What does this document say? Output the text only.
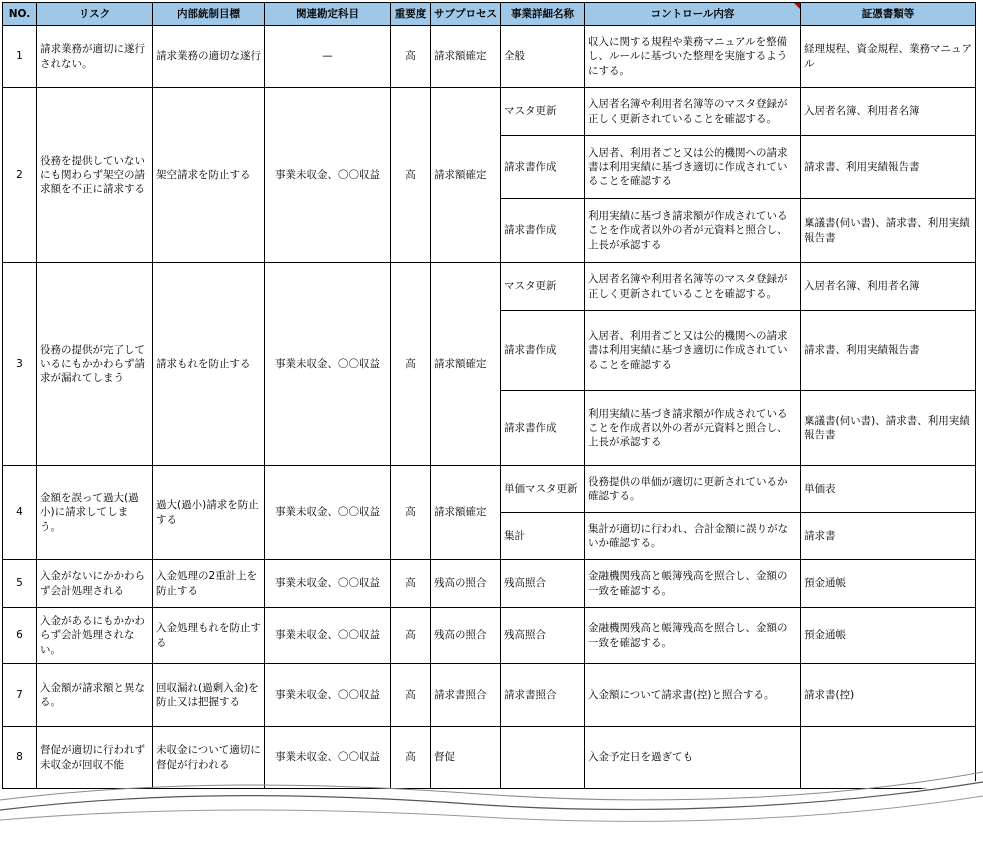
NO.	リスク	内部統制目標	関連勘定科目	重要度	サブプロセス	事業詳細名称	コントロール内容	証憑書類等
1	請求業務が適切に遂行されない。	請求業務の適切な遂行	—	高	請求額確定	全般	収入に関する規程や業務マニュアルを整備し、ルールに基づいた整理を実施するようにする。	経理規程、資金規程、業務マニュアル
2	役務を提供していないにも関わらず架空の請求額を不正に請求する	架空請求を防止する	事業未収金、〇〇収益	高	請求額確定	マスタ更新	入居者名簿や利用者名簿等のマスタ登録が正しく更新されていることを確認する。	入居者名簿、利用者名簿
						請求書作成	入居者、利用者ごと又は公的機関への請求書は利用実績に基づき適切に作成されていることを確認する	請求書、利用実績報告書
						請求書作成	利用実績に基づき請求額が作成されていることを作成者以外の者が元資料と照合し、上長が承認する	稟議書(伺い書)、請求書、利用実績報告書
3	役務の提供が完了しているにもかかわらず請求が漏れてしまう	請求もれを防止する	事業未収金、〇〇収益	高	請求額確定	マスタ更新	入居者名簿や利用者名簿等のマスタ登録が正しく更新されていることを確認する。	入居者名簿、利用者名簿
						請求書作成	入居者、利用者ごと又は公的機関への請求書は利用実績に基づき適切に作成されていることを確認する	請求書、利用実績報告書
						請求書作成	利用実績に基づき請求額が作成されていることを作成者以外の者が元資料と照合し、上長が承認する	稟議書(伺い書)、請求書、利用実績報告書
4	金額を誤って過大(過小)に請求してしまう。	過大(過小)請求を防止する	事業未収金、〇〇収益	高	請求額確定	単価マスタ更新	役務提供の単価が適切に更新されているか確認する。	単価表
						集計	集計が適切に行われ、合計金額に誤りがないか確認する。	請求書
5	入金がないにかかわらず会計処理される	入金処理の2重計上を防止する	事業未収金、〇〇収益	高	残高の照合	残高照合	金融機関残高と帳簿残高を照合し、金額の一致を確認する。	預金通帳
6	入金があるにもかかわらず会計処理されない。	入金処理もれを防止する	事業未収金、〇〇収益	高	残高の照合	残高照合	金融機関残高と帳簿残高を照合し、金額の一致を確認する。	預金通帳
7	入金額が請求額と異なる。	回収漏れ(過剰入金)を防止又は把握する	事業未収金、〇〇収益	高	請求書照合	請求書照合	入金額について請求書(控)と照合する。	請求書(控)
8	督促が適切に行われず未収金が回収不能	未収金について適切に督促が行われる	事業未収金、〇〇収益	高	督促		入金予定日を過ぎても	
